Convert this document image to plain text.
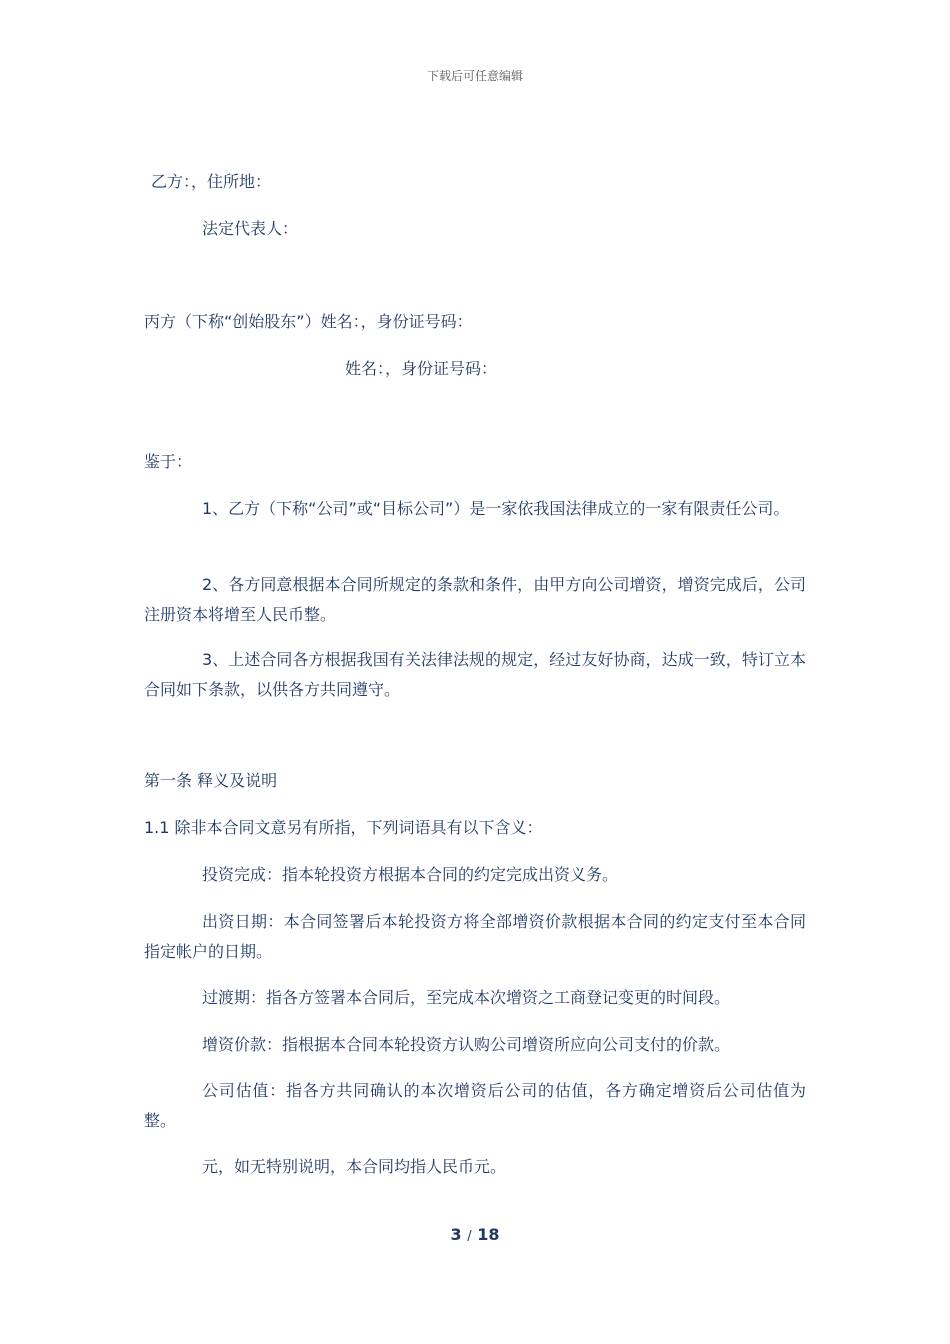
下载后可任意编辑
乙方：，住所地：
法定代表人：
丙方（下称“创始股东”）姓名：，身份证号码：
姓名：，身份证号码：
鉴于：
1、乙方（下称“公司”或“目标公司”）是一家依我国法律成立的一家有限责任公司。
2、各方同意根据本合同所规定的条款和条件，由甲方向公司增资，增资完成后，公司注册资本将增至人民币整。
3、上述合同各方根据我国有关法律法规的规定，经过友好协商，达成一致，特订立本合同如下条款，以供各方共同遵守。
第一条 释义及说明
1.1 除非本合同文意另有所指，下列词语具有以下含义：
投资完成：指本轮投资方根据本合同的约定完成出资义务。
出资日期：本合同签署后本轮投资方将全部增资价款根据本合同的约定支付至本合同指定帐户的日期。
过渡期：指各方签署本合同后，至完成本次增资之工商登记变更的时间段。
增资价款：指根据本合同本轮投资方认购公司增资所应向公司支付的价款。
公司估值：指各方共同确认的本次增资后公司的估值，各方确定增资后公司估值为整。
元，如无特别说明，本合同均指人民币元。
3 / 18
